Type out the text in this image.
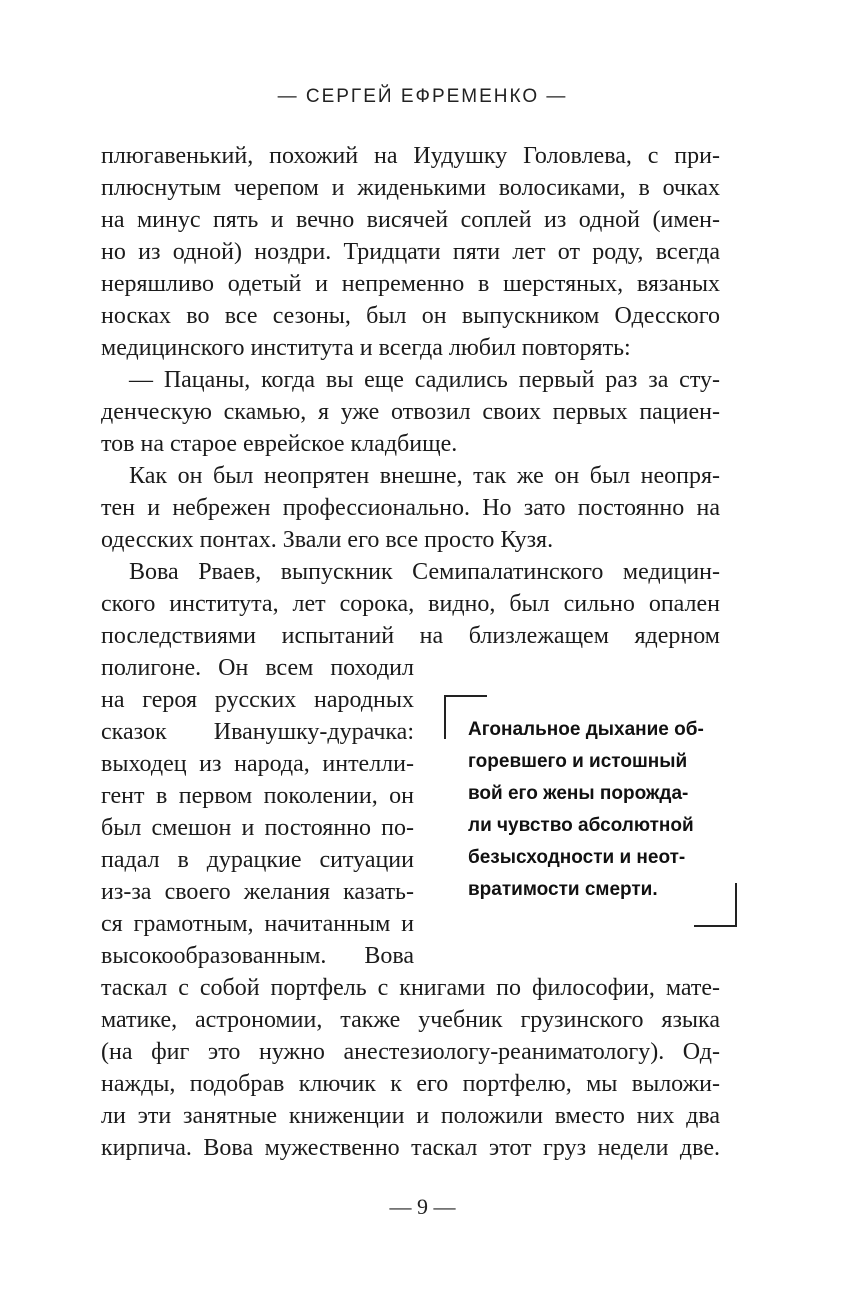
— СЕРГЕЙ ЕФРЕМЕНКО —

плюгавенький, похожий на Иудушку Головлева, с при-
плюснутым черепом и жиденькими волосиками, в очках
на минус пять и вечно висячей соплей из одной (имен-
но из одной) ноздри. Тридцати пяти лет от роду, всегда
неряшливо одетый и непременно в шерстяных, вязаных
носках во все сезоны, был он выпускником Одесского
медицинского института и всегда любил повторять:

— Пацаны, когда вы еще садились первый раз за сту-
денческую скамью, я уже отвозил своих первых пациен-
тов на старое еврейское кладбище.

Как он был неопрятен внешне, так же он был неопря-
тен и небрежен профессионально. Но зато постоянно на
одесских понтах. Звали его все просто Кузя.

Вова Рваев, выпускник Семипалатинского медицин-
ского института, лет сорока, видно, был сильно опален
последствиями испытаний на близлежащем ядерном
полигоне. Он всем походил
на героя русских народных
сказок Иванушку-дурачка:
выходец из народа, интелли-
гент в первом поколении, он
был смешон и постоянно по-
падал в дурацкие ситуации
из-за своего желания казать-
ся грамотным, начитанным и
высокообразованным. Вова
таскал с собой портфель с книгами по философии, мате-
матике, астрономии, также учебник грузинского языка
(на фиг это нужно анестезиологу-реаниматологу). Од-
нажды, подобрав ключик к его портфелю, мы выложи-
ли эти занятные книженции и положили вместо них два
кирпича. Вова мужественно таскал этот груз недели две.

Агональное дыхание об-
горевшего и истошный
вой его жены порожда-
ли чувство абсолютной
безысходности и неот-
вратимости смерти.
— 9 —
